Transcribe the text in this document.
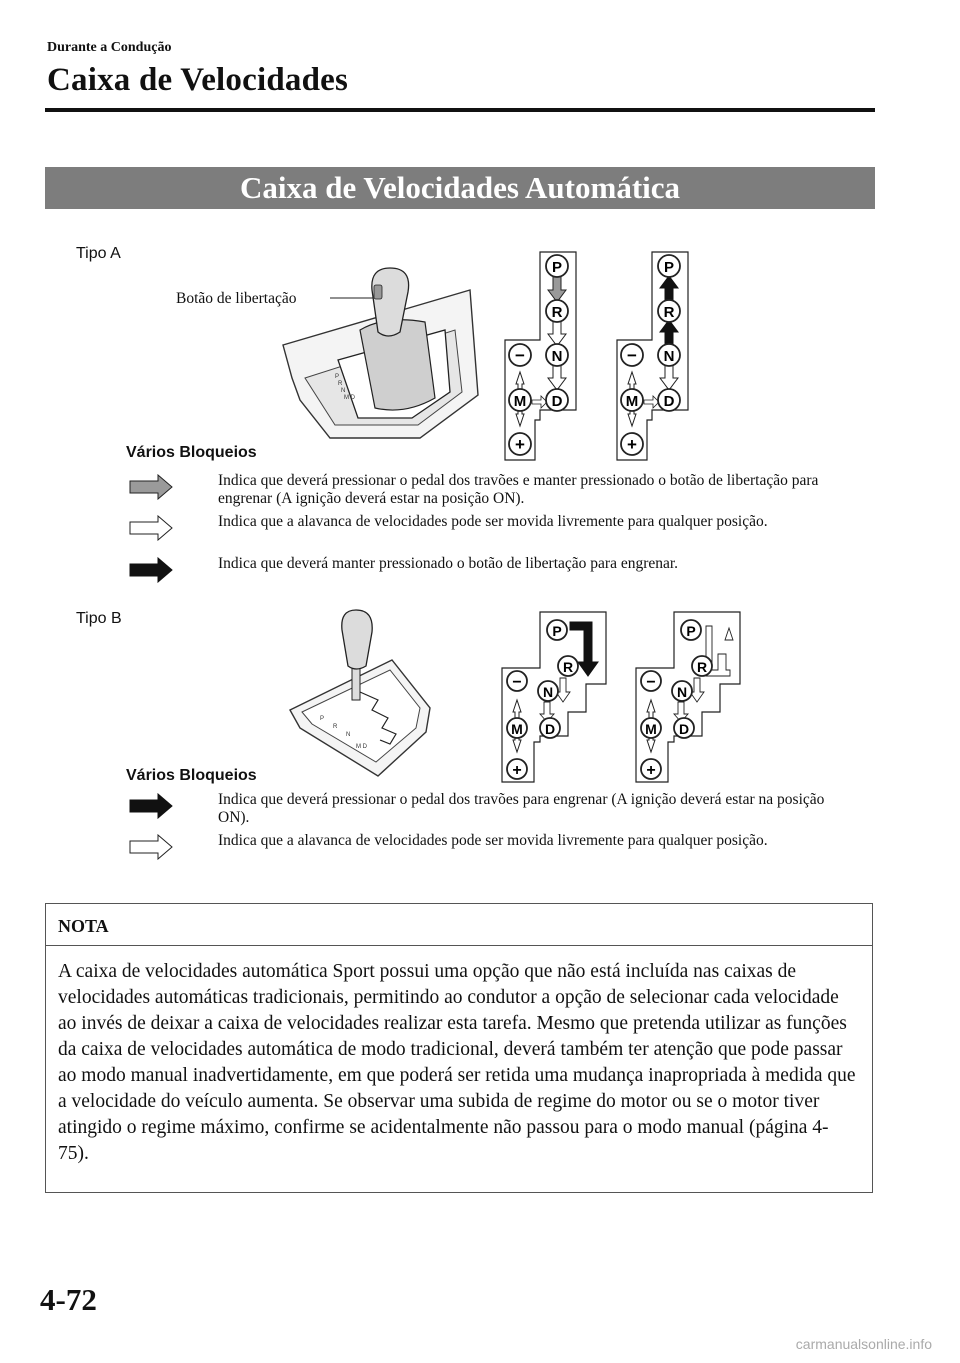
Durante a Condução
Caixa de Velocidades
Caixa de Velocidades Automática
Tipo A
Botão de libertação
P
R
N
M D
P
R
N
D
M
−
+
P
R
N
D
M
−
+
Vários Bloqueios
Indica que deverá pressionar o pedal dos travões e manter pressionado o botão de libertação para engrenar (A ignição deverá estar na posição ON).
Indica que a alavanca de velocidades pode ser movida livremente para qualquer posição.
Indica que deverá manter pressionado o botão de libertação para engrenar.
Tipo B
P
R
N
M D
P
R
N
D
M
−
+
P
R
N
D
M
−
+
Vários Bloqueios
Indica que deverá pressionar o pedal dos travões para engrenar (A ignição deverá estar na posição ON).
Indica que a alavanca de velocidades pode ser movida livremente para qualquer posição.
NOTA
A caixa de velocidades automática Sport possui uma opção que não está incluída nas caixas de velocidades automáticas tradicionais, permitindo ao condutor a opção de selecionar cada velocidade ao invés de deixar a caixa de velocidades realizar esta tarefa. Mesmo que pretenda utilizar as funções da caixa de velocidades automática de modo tradicional, deverá também ter atenção que pode passar ao modo manual inadvertidamente, em que poderá ser retida uma mudança inapropriada à medida que a velocidade do veículo aumenta. Se observar uma subida de regime do motor ou se o motor tiver atingido o regime máximo, confirme se acidentalmente não passou para o modo manual (página 4-75).
4-72
carmanualsonline.info
